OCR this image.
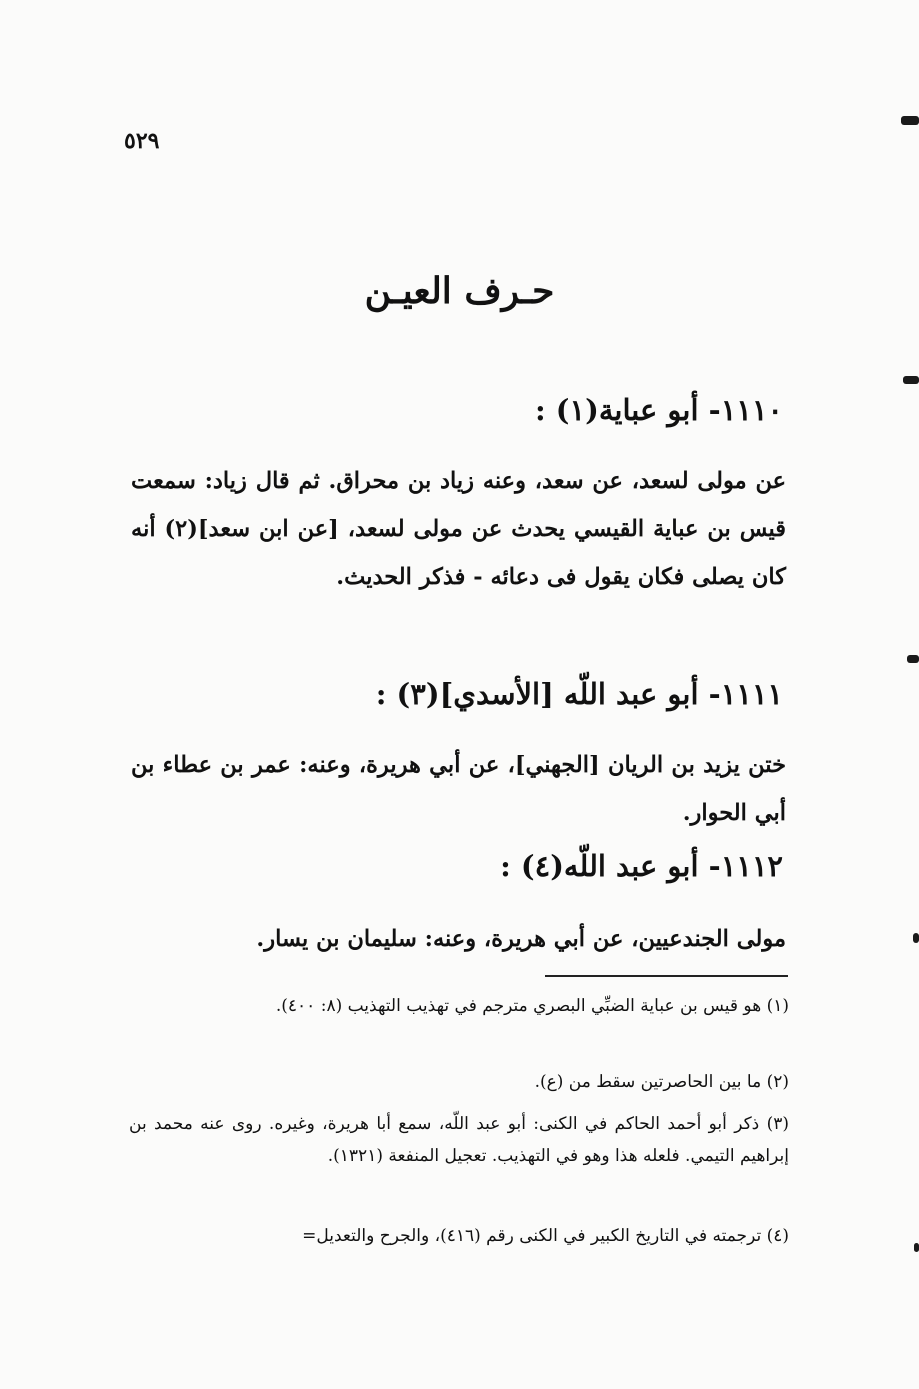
٥٢٩
حـرف العيـن
١١١٠- أبو عباية(١) :
عن مولى لسعد، عن سعد، وعنه زياد بن محراق. ثم قال زياد: سمعت قيس بن عباية القيسي يحدث عن مولى لسعد، [عن ابن سعد](٢) أنه كان يصلى فكان يقول فى دعائه - فذكر الحديث.
١١١١- أبو عبد اللّه [الأسدي](٣) :
ختن يزيد بن الريان [الجهني]، عن أبي هريرة، وعنه: عمر بن عطاء بن أبي الحوار.
١١١٢- أبو عبد اللّه(٤) :
مولى الجندعيين، عن أبي هريرة، وعنه: سليمان بن يسار.
(١) هو قيس بن عباية الضبِّي البصري مترجم في تهذيب التهذيب (٨: ٤٠٠).
(٢) ما بين الحاصرتين سقط من (ع).
(٣) ذكر أبو أحمد الحاكم في الكنى: أبو عبد اللّه، سمع أبا هريرة، وغيره. روى عنه محمد بن إبراهيم التيمي. فلعله هذا وهو في التهذيب. تعجيل المنفعة (١٣٢١).
(٤) ترجمته في التاريخ الكبير في الكنى رقم (٤١٦)، والجرح والتعديل=
